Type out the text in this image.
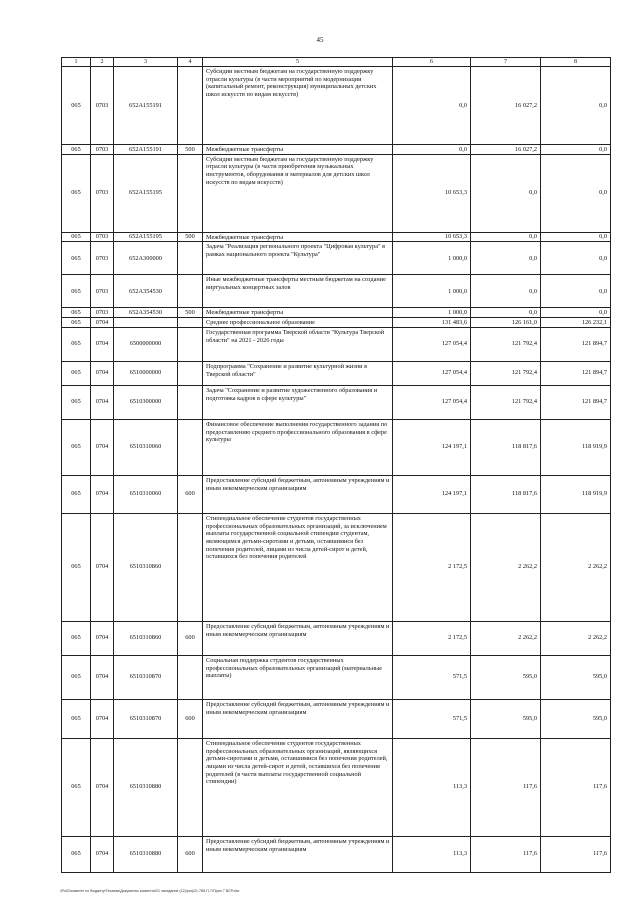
45
1	2	3	4	5	6	7	8
065	0703	652А155191		Субсидии местным бюджетам на государственную поддержку отрасли культуры (в части мероприятий по модернизации (капитальный ремонт, реконструкция) муниципальных детских школ искусств по видам искусств)	0,0	16 027,2	0,0
065	0703	652А155191	500	Межбюджетные трансферты	0,0	16 027,2	0,0
065	0703	652А155195		Субсидии местным бюджетам на государственную поддержку отрасли культуры (в части приобретения музыкальных инструментов, оборудования и материалов для детских школ искусств по видам искусств)	10 653,3	0,0	0,0
065	0703	652А155195	500	Межбюджетные трансферты	10 653,3	0,0	0,0
065	0703	652А300000		Задача "Реализация регионального проекта "Цифровая культура" в рамках национального проекта "Культура"	1 000,0	0,0	0,0
065	0703	652А354530		Иные межбюджетные трансферты местным бюджетам на создание виртуальных концертных залов	1 000,0	0,0	0,0
065	0703	652А354530	500	Межбюджетные трансферты	1 000,0	0,0	0,0
065	0704			Среднее профессиональное образование	131 483,6	126 161,0	126 232,1
065	0704	6500000000		Государственная программа Тверской области "Культура Тверской области" на 2021 - 2026 годы	127 054,4	121 792,4	121 894,7
065	0704	6510000000		Подпрограмма "Сохранение и развитие культурной жизни в Тверской области"	127 054,4	121 792,4	121 894,7
065	0704	6510300000		Задача "Сохранение и развитие художественного образования и подготовка кадров в сфере культуры"	127 054,4	121 792,4	121 894,7
065	0704	6510310060		Финансовое обеспечение выполнения государственного задания по предоставлению среднего профессионального образования в сфере культуры	124 197,1	118 817,6	118 919,9
065	0704	6510310060	600	Предоставление субсидий бюджетным, автономным учреждениям и иным некоммерческим организациям	124 197,1	118 817,6	118 919,9
065	0704	6510310860		Стипендиальное обеспечение студентов государственных профессиональных образовательных организаций, за исключением выплаты государственной социальной стипендии студентам, являющимся детьми-сиротами и детьми, оставшимися без попечения родителей, лицами из числа детей-сирот и детей, оставшихся без попечения родителей	2 172,5	2 262,2	2 262,2
065	0704	6510310860	600	Предоставление субсидий бюджетным, автономным учреждениям и иным некоммерческим организациям	2 172,5	2 262,2	2 262,2
065	0704	6510310870		Социальная поддержка студентов государственных профессиональных образовательных организаций (материальные выплаты)	571,5	595,0	595,0
065	0704	6510310870	600	Предоставление субсидий бюджетным, автономным учреждениям и иным некоммерческим организациям	571,5	595,0	595,0
065	0704	6510310880		Стипендиальное обеспечение студентов государственных профессиональных образовательных организаций, являющихся детьми-сиротами и детьми, оставшимися без попечения родителей, лицами из числа детей-сирот и детей, оставшихся без попечения родителей (в части выплаты государственной социальной стипендии)	113,3	117,6	117,6
065	0704	6510310880	600	Предоставление субсидий бюджетным, автономным учреждениям и иным некоммерческим организациям	113,3	117,6	117,6
\\Fs02\комитет по бюджету\Тесаева\Документы комитета\21 заседание (12)\proj\21-785-П-7\Прил 7 ВСР.xlsx
